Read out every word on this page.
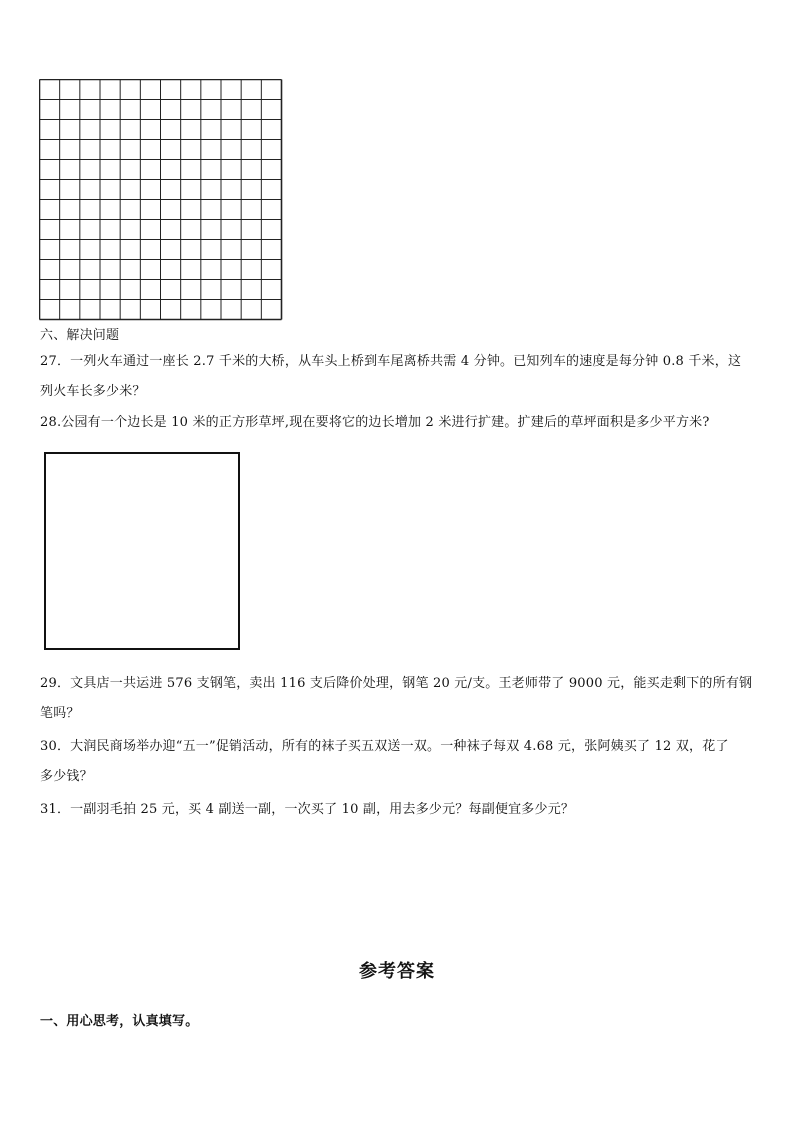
六、解决问题
27．一列火车通过一座长 2.7 千米的大桥，从车头上桥到车尾离桥共需 4 分钟。已知列车的速度是每分钟 0.8 千米，这
列火车长多少米？
28.公园有一个边长是 10 米的正方形草坪,现在要将它的边长增加 2 米进行扩建。扩建后的草坪面积是多少平方米?
29．文具店一共运进 576 支钢笔，卖出 116 支后降价处理，钢笔 20 元/支。王老师带了 9000 元，能买走剩下的所有钢
笔吗？
30．大润民商场举办迎“五一”促销活动，所有的袜子买五双送一双。一种袜子每双 4.68 元，张阿姨买了 12 双，花了
多少钱？
31．一副羽毛拍 25 元，买 4 副送一副，一次买了 10 副，用去多少元？每副便宜多少元？
参考答案
一、用心思考，认真填写。
